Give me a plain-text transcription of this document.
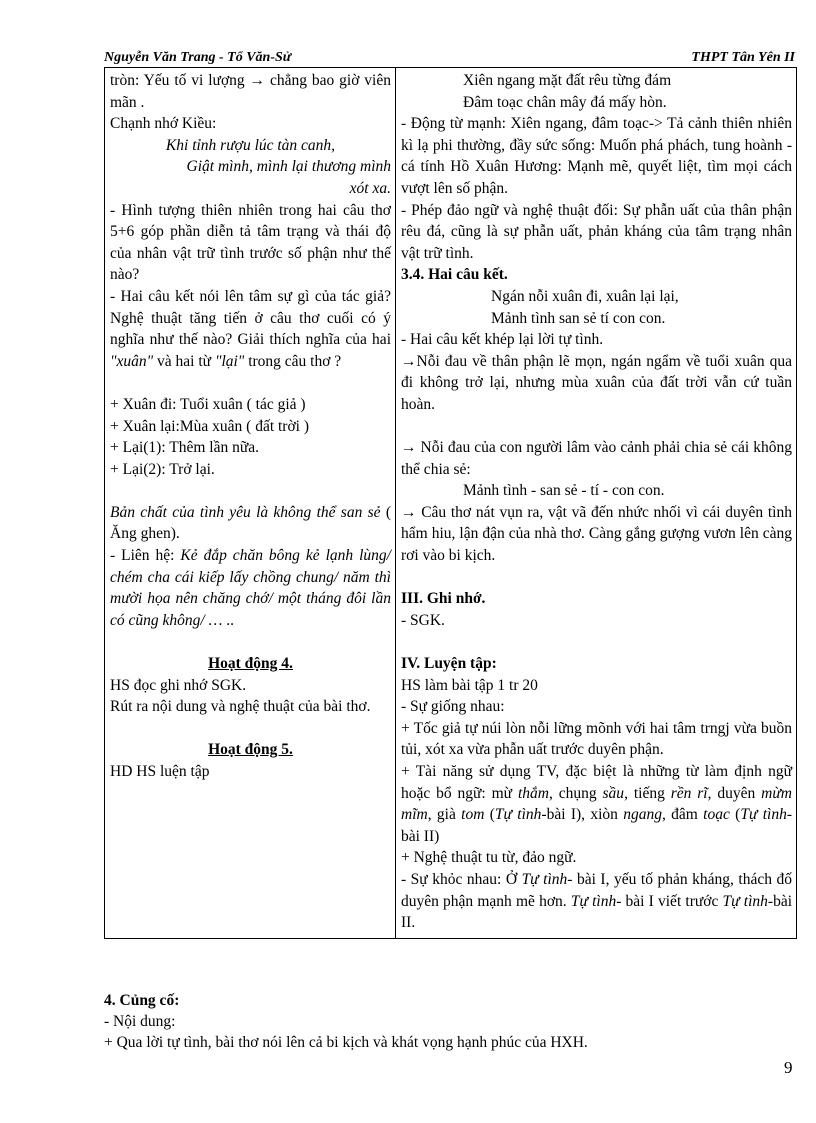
Nguyễn Văn Trang - Tổ Văn-Sử	THPT Tân Yên II

tròn: Yếu tố vi lượng → chẳng bao giờ viên mãn .

Chạnh nhớ Kiều:

Khi tỉnh rượu lúc tàn canh,

Giật mình, mình lại thương mình

xót xa.

- Hình tượng thiên nhiên trong hai câu thơ 5+6 góp phần diễn tả tâm trạng và thái độ của nhân vật trữ tình trước số phận như thế nào?

- Hai câu kết nói lên tâm sự gì của tác giả? Nghệ thuật tăng tiến ở câu thơ cuối có ý nghĩa như thế nào? Giải thích nghĩa của hai "xuân" và hai từ "lại" trong câu thơ ?

+ Xuân đi: Tuổi xuân ( tác giả )

+ Xuân lại:Mùa xuân ( đất trời )

+ Lại(1): Thêm lần nữa.

+ Lại(2): Trở lại.

Bản chất của tình yêu là không thể san sẻ ( Ăng ghen).

- Liên hệ: Kẻ đắp chăn bông kẻ lạnh lùng/ chém cha cái kiếp lấy chồng chung/ năm thì mười họa nên chăng chớ/ một tháng đôi lần có cũng không/ … ..

Hoạt động 4.

HS đọc ghi nhớ SGK.

Rút ra nội dung và nghệ thuật của bài thơ.

Hoạt động 5.

HD HS luện tập

Xiên ngang mặt đất rêu từng đám

Đâm toạc chân mây đá mấy hòn.

- Động từ mạnh: Xiên ngang, đâm toạc-> Tả cảnh thiên nhiên kì lạ phi thường, đầy sức sống: Muốn phá phách, tung hoành - cá tính Hồ Xuân Hương: Mạnh mẽ, quyết liệt, tìm mọi cách vượt lên số phận.

- Phép đảo ngữ và nghệ thuật đối: Sự phẫn uất của thân phận rêu đá, cũng là sự phẫn uất, phản kháng của tâm trạng nhân vật trữ tình.

3.4. Hai câu kết.

Ngán nỗi xuân đi, xuân lại lại,

Mảnh tình san sẻ tí con con.

- Hai câu kết khép lại lời tự tình.

→Nỗi đau về thân phận lẽ mọn, ngán ngẩm về tuổi xuân qua đi không trở lại, nhưng mùa xuân của đất trời vẫn cứ tuần hoàn.

→ Nỗi đau của con người lâm vào cảnh phải chia sẻ cái không thể chia sẻ:

Mảnh tình - san sẻ - tí - con con.

→ Câu thơ nát vụn ra, vật vã đến nhức nhối vì cái duyên tình hẩm hiu, lận đận của nhà thơ. Càng gắng gượng vươn lên càng rơi vào bi kịch.

III. Ghi nhớ.

- SGK.

IV. Luyện tập:

HS làm bài tập 1 tr 20

- Sự giống nhau:

+ Tốc giả tự núi lòn nỗi lững mõnh với hai tâm trngj vừa buồn tủi, xót xa vừa phẫn uất trước duyên phận.

+ Tài năng sử dụng TV, đặc biệt là những từ làm định ngữ hoặc bổ ngữ: mừ thắm, chụng sầu, tiếng rền rĩ, duyên mừm mĩm, già tom (Tự tình-bài I), xiòn ngang, đâm toạc (Tự tình- bài II)

+ Nghệ thuật tu từ, đảo ngữ.

- Sự khỏc nhau: Ở Tự tình- bài I, yếu tố phản kháng, thách đố duyên phận mạnh mẽ hơn. Tự tình- bài I viết trước Tự tình-bài II.

4. Củng cố:

- Nội dung:

+ Qua lời tự tình, bài thơ nói lên cả bi kịch và khát vọng hạnh phúc của HXH.

9
